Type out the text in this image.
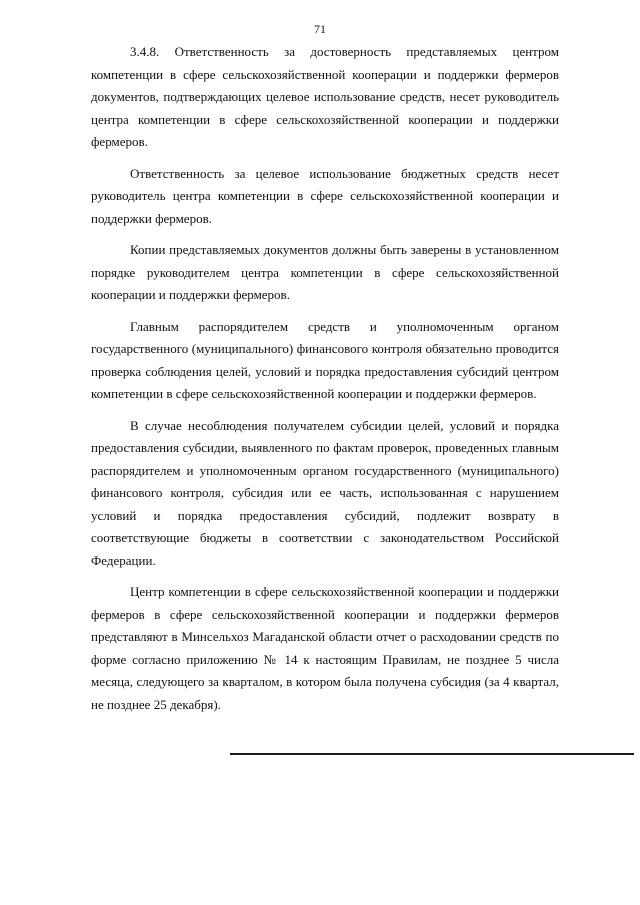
71

3.4.8. Ответственность за достоверность представляемых центром компетенции в сфере сельскохозяйственной кооперации и поддержки фермеров документов, подтверждающих целевое использование средств, несет руководитель центра компетенции в сфере сельскохозяйственной кооперации и поддержки фермеров.

Ответственность за целевое использование бюджетных средств несет руководитель центра компетенции в сфере сельскохозяйственной кооперации и поддержки фермеров.

Копии представляемых документов должны быть заверены в установленном порядке руководителем центра компетенции в сфере сельскохозяйственной кооперации и поддержки фермеров.

Главным распорядителем средств и уполномоченным органом государственного (муниципального) финансового контроля обязательно проводится проверка соблюдения целей, условий и порядка предоставления субсидий центром компетенции в сфере сельскохозяйственной кооперации и поддержки фермеров.

В случае несоблюдения получателем субсидии целей, условий и порядка предоставления субсидии, выявленного по фактам проверок, проведенных главным распорядителем и уполномоченным органом государственного (муниципального) финансового контроля, субсидия или ее часть, использованная с нарушением условий и порядка предоставления субсидий, подлежит возврату в соответствующие бюджеты в соответствии с законодательством Российской Федерации.

Центр компетенции в сфере сельскохозяйственной кооперации и поддержки фермеров в сфере сельскохозяйственной кооперации и поддержки фермеров представляют в Минсельхоз Магаданской области отчет о расходовании средств по форме согласно приложению № 14 к настоящим Правилам, не позднее 5 числа месяца, следующего за кварталом, в котором была получена субсидия (за 4 квартал, не позднее 25 декабря).
